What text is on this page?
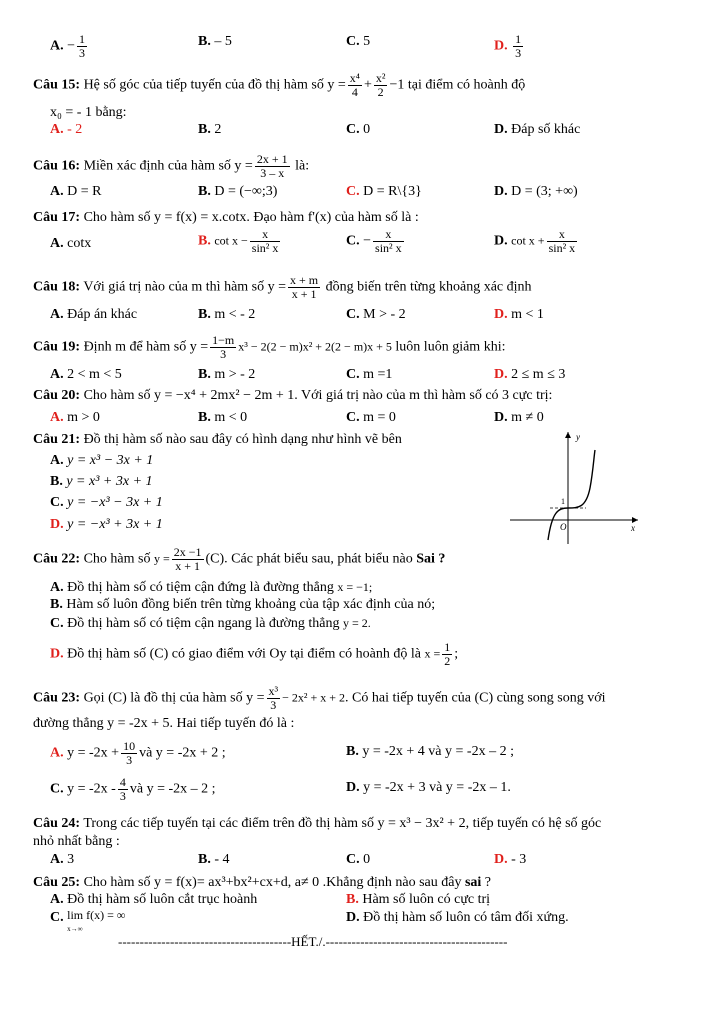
A. − $\frac{1}{3}$	B. – 5	C. 5	D. $\frac{1}{3}$
Câu 15: Hệ số góc của tiếp tuyến của đồ thị hàm số $y = \frac{\text{x⁴}}{4} + \frac{\text{x²}}{2} -1$ tại điểm có hoành độ
x₀ = - 1 bằng:
A. - 2	B. 2	C. 0	D. Đáp số khác
Câu 16: Miền xác định của hàm số $y = \frac{2x + 1}{3 - x}$ là:
A. D = R	B. D = (−∞;3)	C. D = R\{3}	D. D = (3; +∞)
Câu 17: Cho hàm số y = f(x) = x.cotx. Đạo hàm f'(x) của hàm số là :
A. cotx	B. $\cot x - \frac{x}{\text{sin² x}}$	C. − $\frac{x}{\text{sin² x}}$	D. $\cot x + \frac{x}{\text{sin² x}}$
Câu 18: Với giá trị nào của m thì hàm số $y = \frac{x + m}{x + 1}$ đồng biến trên từng khoảng xác định
A. Đáp án khác	B. m < - 2	C. M > - 2	D. m < 1
Câu 19: Định m để hàm số $y = \frac{1-m}{3} x^3 - 2(2 - m)x^2 + 2(2 - m)x + 5$ luôn luôn giảm khi:
A. 2 < m < 5	B. m > - 2	C. m =1	D. 2 ≤ m ≤ 3
Câu 20: Cho hàm số y = −x⁴ + 2mx² − 2m + 1. Với giá trị nào của m thì hàm số có 3 cực trị:
A. m > 0	B. m < 0	C. m = 0	D. m ≠ 0
Câu 21: Đồ thị hàm số nào sau đây có hình dạng như hình vẽ bên
A. y = x³ − 3x + 1
B. y = x³ + 3x + 1
C. y = −x³ − 3x + 1
D. y = −x³ + 3x + 1
y
x
O
1
Câu 22: Cho hàm số $y = \frac{2x -1}{x + 1} (C)$. Các phát biểu sau, phát biểu nào Sai ?
A. Đồ thị hàm số có tiệm cận đứng là đường thẳng x = −1;
B. Hàm số luôn đồng biến trên từng khoảng của tập xác định của nó;
C. Đồ thị hàm số có tiệm cận ngang là đường thẳng y = 2.
D. Đồ thị hàm số (C) có giao điểm với Oy tại điểm có hoành độ là $x = \frac{1}{2}$ ;
Câu 23: Gọi (C) là đồ thị của hàm số $y = \frac{\text{x³}}{3} - 2x^2 + x + 2$. Có hai tiếp tuyến của (C) cùng song song với
đường thẳng y = -2x + 5. Hai tiếp tuyến đó là :
A. $y = -2x + \frac{10}{3}$ và y = -2x + 2 ;	B. y = -2x + 4 và y = -2x – 2 ;
C. $y = -2x - \frac{4}{3}$ và y = -2x – 2 ;	D. y = -2x + 3 và y = -2x – 1.
Câu 24: Trong các tiếp tuyến tại các điểm trên đồ thị hàm số y = x³ − 3x² + 2, tiếp tuyến có hệ số góc
nhỏ nhất bằng :
A. 3	B. - 4	C. 0	D. - 3
Câu 25: Cho hàm số y = f(x)= ax³+bx²+cx+d, a≠ 0 .Khẳng định nào sau đây sai ?
A. Đồ thị hàm số luôn cắt trục hoành	B. Hàm số luôn có cực trị
C. lim f(x) = ∞
x→∞
D. Đồ thị hàm số luôn có tâm đối xứng.
----------------------------------------HẾT./.------------------------------------------
